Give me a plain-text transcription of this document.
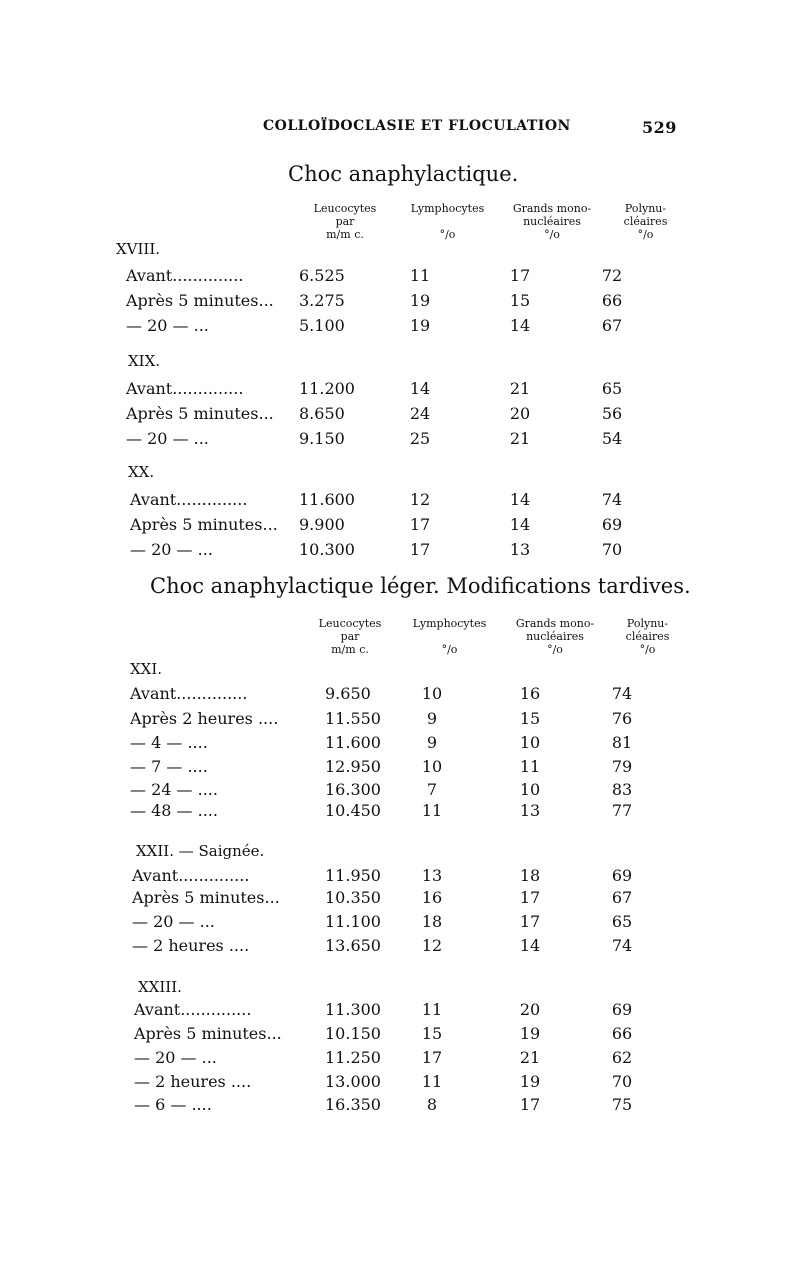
COLLOÏDOCLASIE ET FLOCULATION	529
Choc anaphylactique.
Leucocytes
par
m/m c.
Lymphocytes

°/o
Grands mono-
nucléaires
°/o
Polynu-
cléaires
°/o
XVIII.
XIX.
XX.
Choc anaphylactique léger. Modifications tardives.
Leucocytes
par
m/m c.
Lymphocytes

°/o
Grands mono-
nucléaires
°/o
Polynu-
cléaires
°/o
XXI.
XXII. — Saignée.
XXIII.
Avant..............	6.525	11	17	72
Après 5 minutes... 3.275	19	15	66
— 20 — ...	5.100	19	14	67
Avant..............	11.200	14	21	65
Après 5 minutes... 8.650	24	20	56
— 20 — ...	9.150	25	21	54
Avant..............	11.600	12	14	74
Après 5 minutes... 9.900	17	14	69
— 20 — ...	10.300	17	13	70
Avant..............	9.650	10	16	74
Après 2 heures ....	11.550	9	15	76
— 4 — ....	11.600	9	10	81
— 7 — ....	12.950	10	11	79
— 24 — ....	16.300	7	10	83
— 48 — ....	10.450	11	13	77
Avant..............	11.950	13	18	69
Après 5 minutes...	10.350	16	17	67
— 20 — ...	11.100	18	17	65
— 2 heures ....	13.650	12	14	74
Avant..............	11.300	11	20	69
Après 5 minutes...	10.150	15	19	66
— 20 — ...	11.250	17	21	62
— 2 heures ....	13.000	11	19	70
— 6 — ....	16.350	8	17	75
